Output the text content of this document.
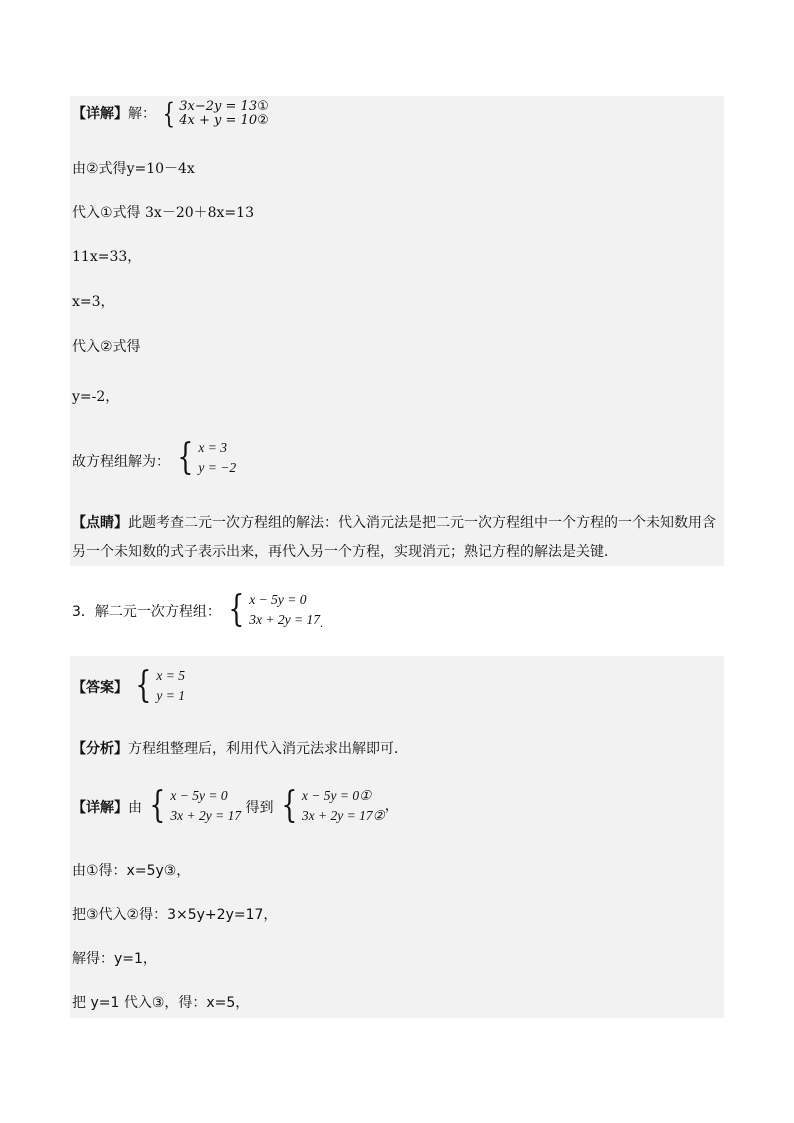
【详解】解： { 3x−2y = 13①
4x + y = 10②
由②式得y=10－4x
代入①式得 3x－20＋8x=13
11x=33，
x=3，
代入②式得
y=-2，
故方程组解为： { x = 3
y = −2
【点睛】此题考查二元一次方程组的解法：代入消元法是把二元一次方程组中一个方程的一个未知数用含
另一个未知数的式子表示出来，再代入另一个方程，实现消元；熟记方程的解法是关键．
3．解二元一次方程组： { x − 5y = 0
3x + 2y = 17 .
【答案】 { x = 5
y = 1
【分析】方程组整理后，利用代入消元法求出解即可．
【详解】由 { x − 5y = 0
3x + 2y = 17 得到 { x − 5y = 0①
3x + 2y = 17②
，
由①得：x=5y③，
把③代入②得：3×5y+2y=17，
解得：y=1，
把 y=1 代入③，得：x=5，
